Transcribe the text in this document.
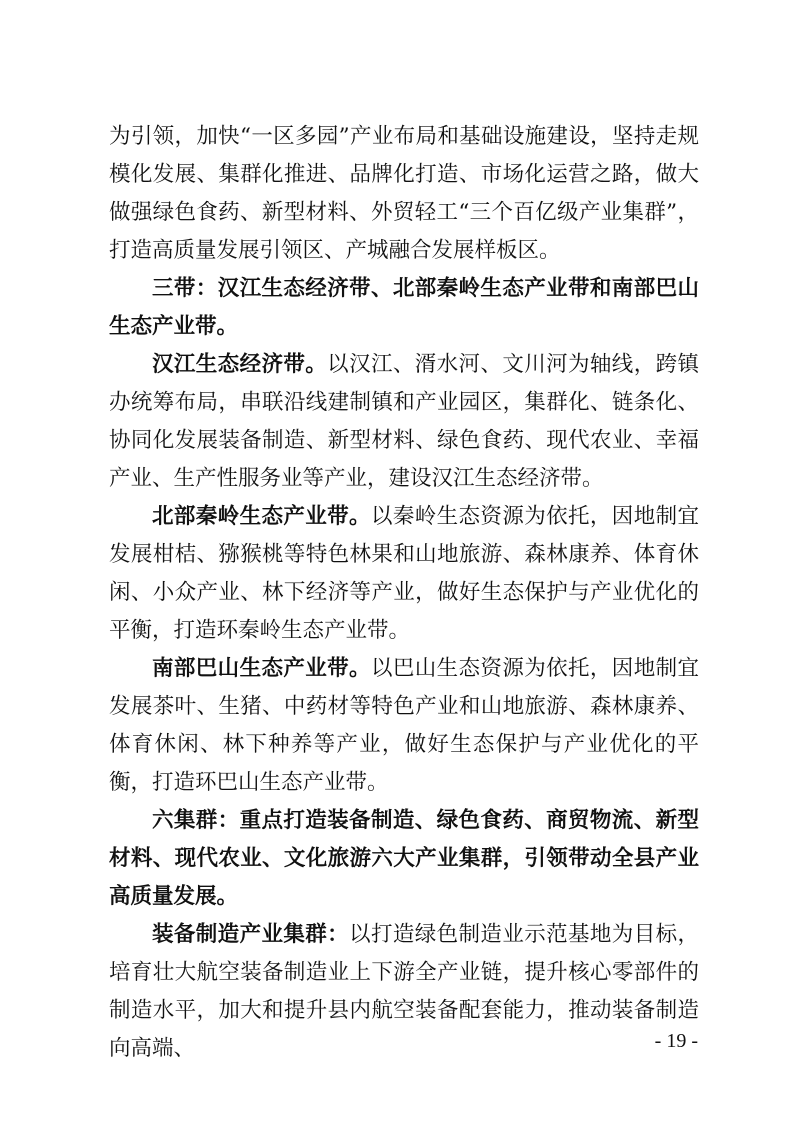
为引领，加快“一区多园”产业布局和基础设施建设，坚持走规模化发展、集群化推进、品牌化打造、市场化运营之路，做大做强绿色食药、新型材料、外贸轻工“三个百亿级产业集群”，打造高质量发展引领区、产城融合发展样板区。

三带：汉江生态经济带、北部秦岭生态产业带和南部巴山生态产业带。

汉江生态经济带。以汉江、湑水河、文川河为轴线，跨镇办统筹布局，串联沿线建制镇和产业园区，集群化、链条化、协同化发展装备制造、新型材料、绿色食药、现代农业、幸福产业、生产性服务业等产业，建设汉江生态经济带。

北部秦岭生态产业带。以秦岭生态资源为依托，因地制宜发展柑桔、猕猴桃等特色林果和山地旅游、森林康养、体育休闲、小众产业、林下经济等产业，做好生态保护与产业优化的平衡，打造环秦岭生态产业带。

南部巴山生态产业带。以巴山生态资源为依托，因地制宜发展茶叶、生猪、中药材等特色产业和山地旅游、森林康养、体育休闲、林下种养等产业，做好生态保护与产业优化的平衡，打造环巴山生态产业带。

六集群：重点打造装备制造、绿色食药、商贸物流、新型材料、现代农业、文化旅游六大产业集群，引领带动全县产业高质量发展。

装备制造产业集群：以打造绿色制造业示范基地为目标，培育壮大航空装备制造业上下游全产业链，提升核心零部件的制造水平，加大和提升县内航空装备配套能力，推动装备制造向高端、	- 19 -
